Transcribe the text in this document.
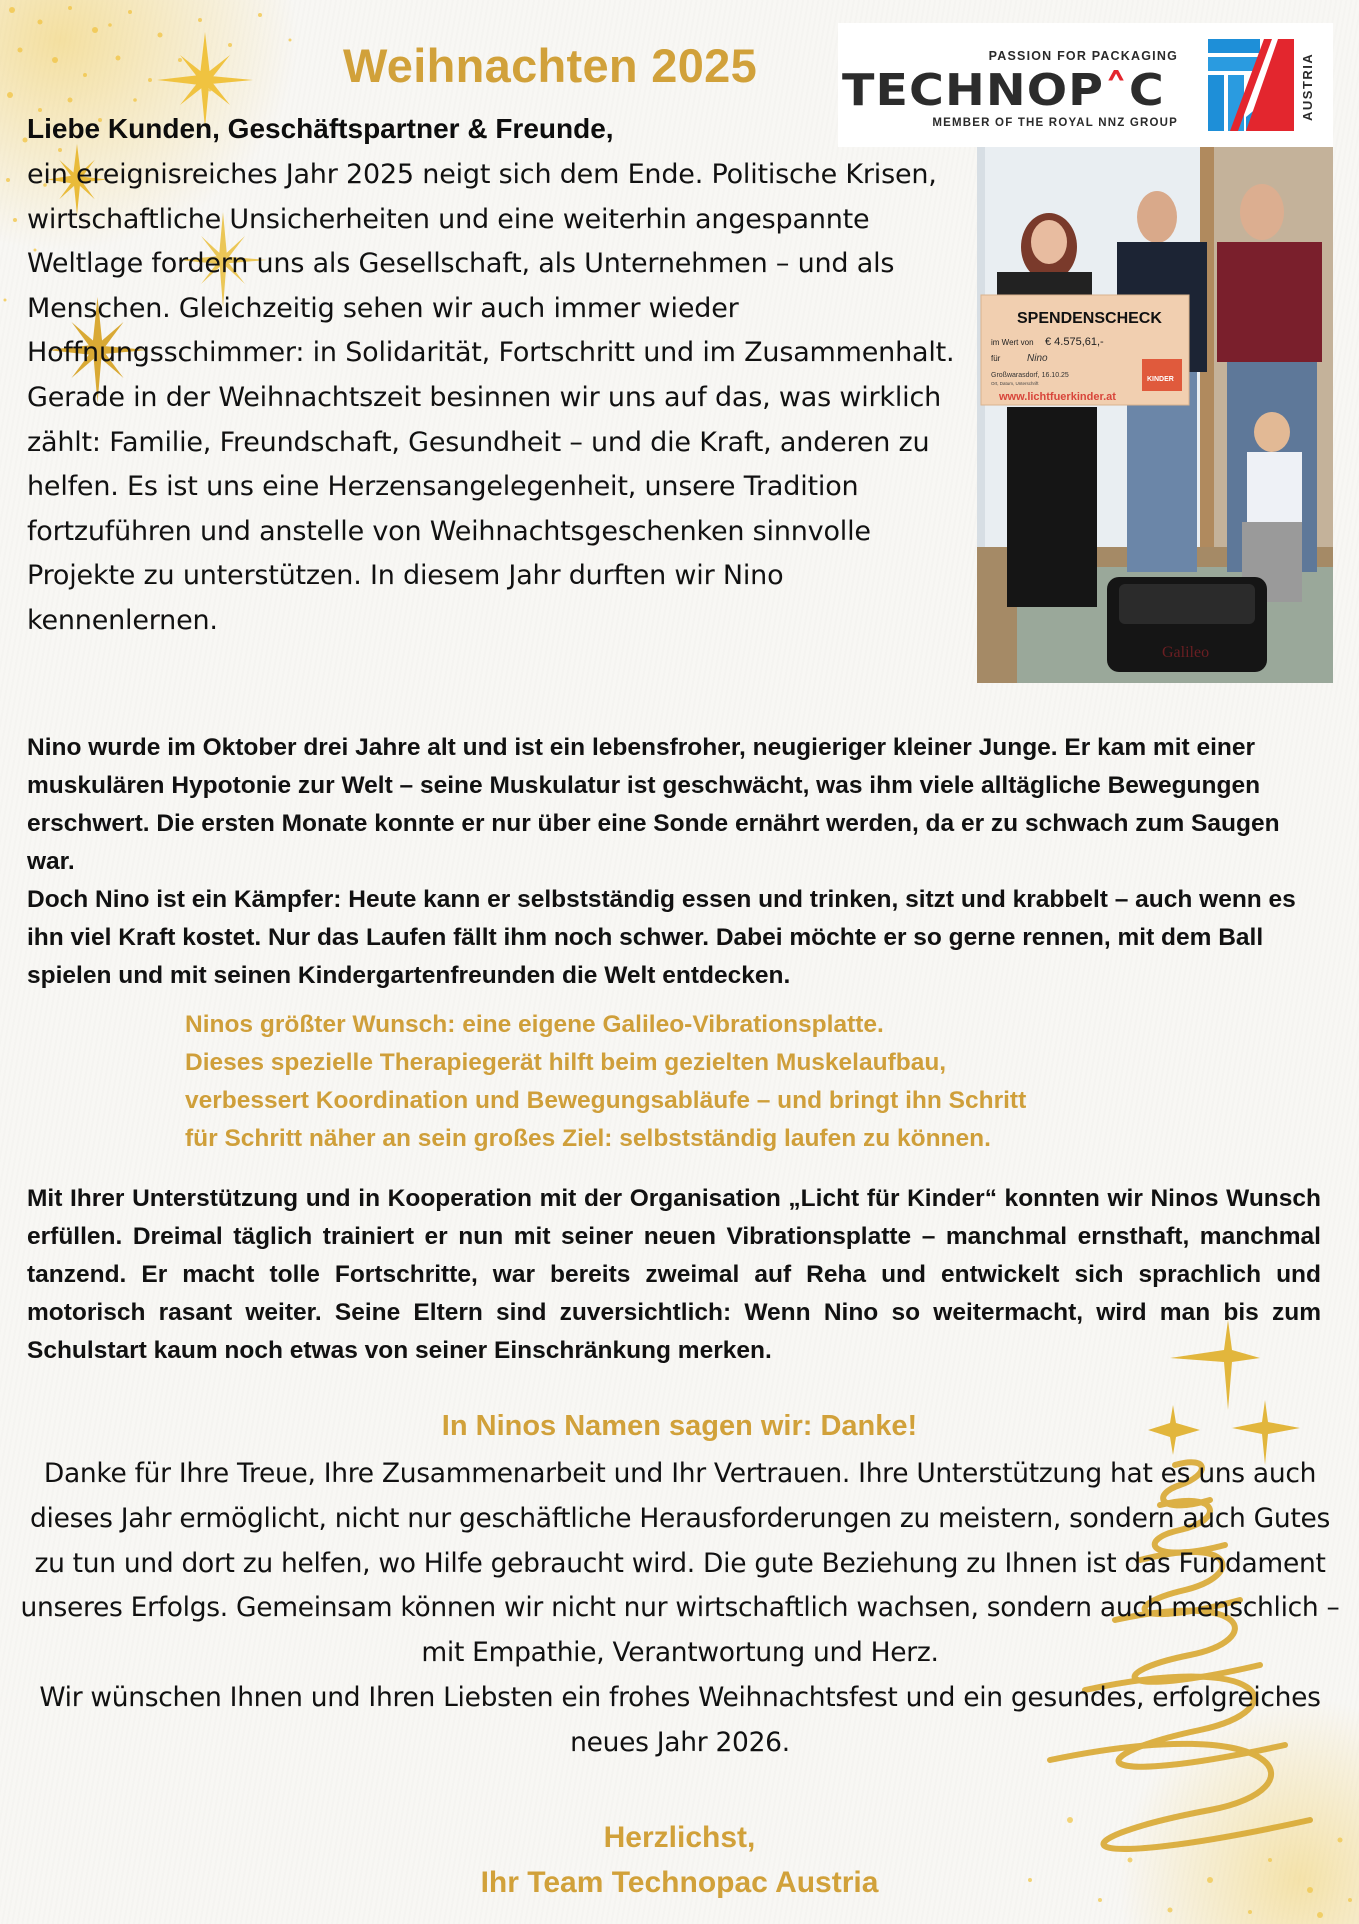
Weihnachten 2025	PASSION FOR PACKAGING
TECHNOP˄C
MEMBER OF THE ROYAL NNZ GROUP
AUSTRIA
Liebe Kunden, Geschäftspartner & Freunde,

ein ereignisreiches Jahr 2025 neigt sich dem Ende. Politische Krisen, wirtschaftliche Unsicherheiten und eine weiterhin angespannte Weltlage fordern uns als Gesellschaft, als Unternehmen – und als Menschen. Gleichzeitig sehen wir auch immer wieder Hoffnungsschimmer: in Solidarität, Fortschritt und im Zusammenhalt.

Gerade in der Weihnachtszeit besinnen wir uns auf das, was wirklich zählt: Familie, Freundschaft, Gesundheit – und die Kraft, anderen zu helfen. Es ist uns eine Herzensangelegenheit, unsere Tradition fortzuführen und anstelle von Weihnachtsgeschenken sinnvolle Projekte zu unterstützen. In diesem Jahr durften wir Nino kennenlernen.

SPENDENSCHECK
im Wert von € 4.575,61,-
für	Nino
Großwarasdorf, 16.10.25
Ort, Datum, Unterschrift
www.lichtfuerkinder.at
KINDER
Galileo

Nino wurde im Oktober drei Jahre alt und ist ein lebensfroher, neugieriger kleiner Junge. Er kam mit einer muskulären Hypotonie zur Welt – seine Muskulatur ist geschwächt, was ihm viele alltägliche Bewegungen erschwert. Die ersten Monate konnte er nur über eine Sonde ernährt werden, da er zu schwach zum Saugen war.

Doch Nino ist ein Kämpfer: Heute kann er selbstständig essen und trinken, sitzt und krabbelt – auch wenn es ihn viel Kraft kostet. Nur das Laufen fällt ihm noch schwer. Dabei möchte er so gerne rennen, mit dem Ball spielen und mit seinen Kindergartenfreunden die Welt entdecken.

Ninos größter Wunsch: eine eigene Galileo-Vibrationsplatte.

Dieses spezielle Therapiegerät hilft beim gezielten Muskelaufbau,

verbessert Koordination und Bewegungsabläufe – und bringt ihn Schritt

für Schritt näher an sein großes Ziel: selbstständig laufen zu können.

Mit Ihrer Unterstützung und in Kooperation mit der Organisation „Licht für Kinder“ konnten wir Ninos Wunsch erfüllen. Dreimal täglich trainiert er nun mit seiner neuen Vibrationsplatte – manchmal ernsthaft, manchmal tanzend. Er macht tolle Fortschritte, war bereits zweimal auf Reha und entwickelt sich sprachlich und motorisch rasant weiter. Seine Eltern sind zuversichtlich: Wenn Nino so weitermacht, wird man bis zum Schulstart kaum noch etwas von seiner Einschränkung merken.
In Ninos Namen sagen wir: Danke!

Danke für Ihre Treue, Ihre Zusammenarbeit und Ihr Vertrauen. Ihre Unterstützung hat es uns auch dieses Jahr ermöglicht, nicht nur geschäftliche Herausforderungen zu meistern, sondern auch Gutes zu tun und dort zu helfen, wo Hilfe gebraucht wird. Die gute Beziehung zu Ihnen ist das Fundament unseres Erfolgs. Gemeinsam können wir nicht nur wirtschaftlich wachsen, sondern auch menschlich – mit Empathie, Verantwortung und Herz.

Wir wünschen Ihnen und Ihren Liebsten ein frohes Weihnachtsfest und ein gesundes, erfolgreiches neues Jahr 2026.

Herzlichst,
Ihr Team Technopac Austria
